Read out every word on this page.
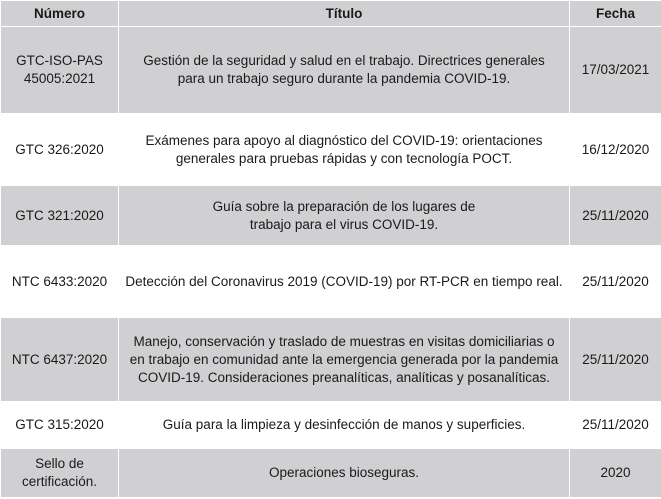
Número	Título	Fecha
GTC-ISO-PAS 45005:2021	Gestión de la seguridad y salud en el trabajo. Directrices generales para un trabajo seguro durante la pandemia COVID-19.	17/03/2021
GTC 326:2020	Exámenes para apoyo al diagnóstico del COVID-19: orientaciones generales para pruebas rápidas y con tecnología POCT.	16/12/2020
GTC 321:2020	Guía sobre la preparación de los lugares de trabajo para el virus COVID-19.	25/11/2020
NTC 6433:2020	Detección del Coronavirus 2019 (COVID-19) por RT-PCR en tiempo real.	25/11/2020
NTC 6437:2020	Manejo, conservación y traslado de muestras en visitas domiciliarias o en trabajo en comunidad ante la emergencia generada por la pandemia COVID-19. Consideraciones preanalíticas, analíticas y posanalíticas.	25/11/2020
GTC 315:2020	Guía para la limpieza y desinfección de manos y superficies.	25/11/2020
Sello de certificación.	Operaciones bioseguras.	2020
